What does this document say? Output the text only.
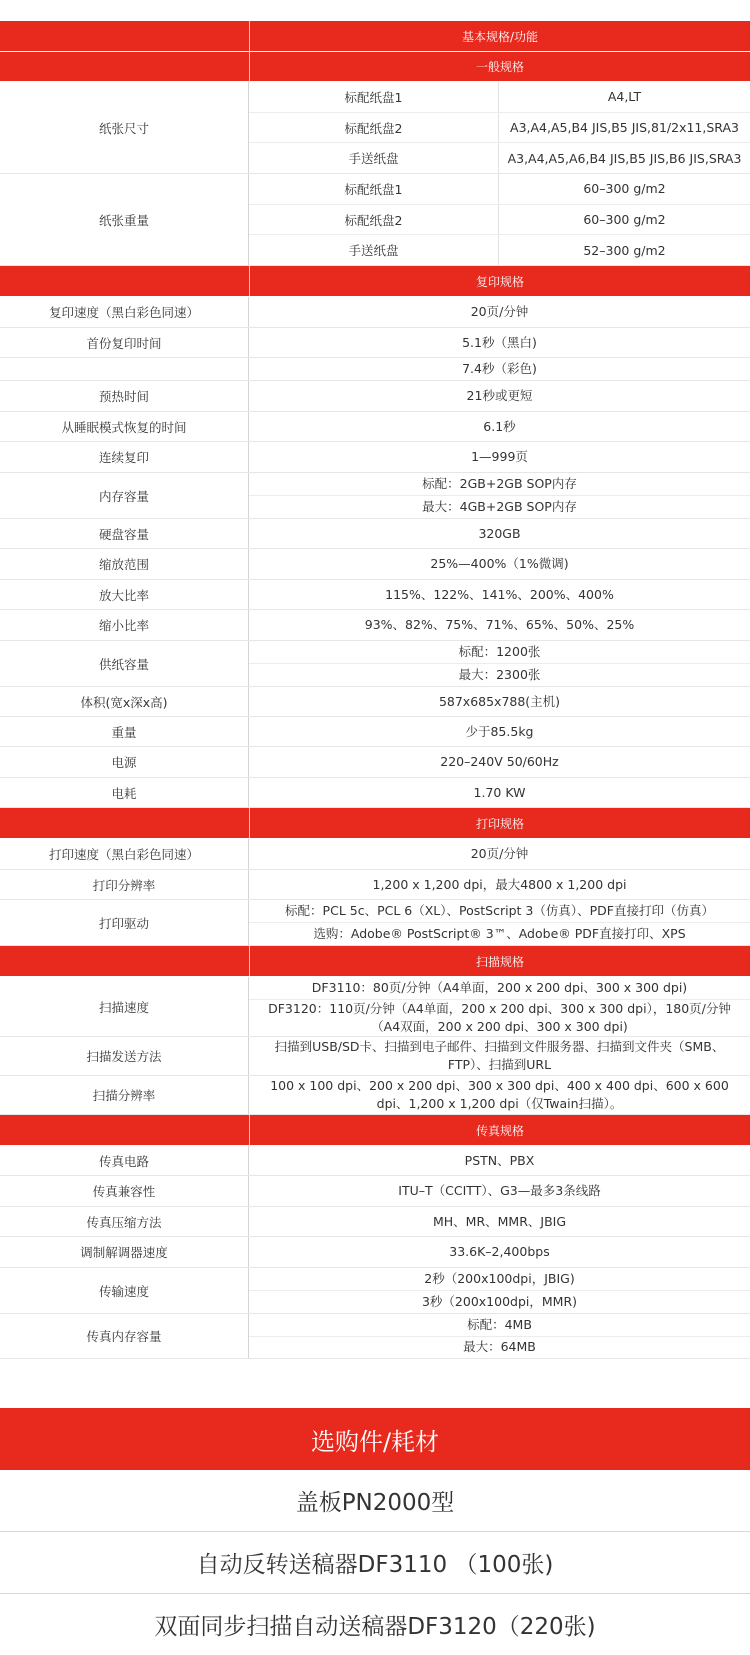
基本规格/功能
一般规格
纸张尺寸
标配纸盘1	A4,LT
标配纸盘2	A3,A4,A5,B4 JIS,B5 JIS,81/2x11,SRA3
手送纸盘	A3,A4,A5,A6,B4 JIS,B5 JIS,B6 JIS,SRA3
纸张重量
标配纸盘1	60–300 g/m2
标配纸盘2	60–300 g/m2
手送纸盘	52–300 g/m2
复印规格
复印速度（黑白彩色同速）	20页/分钟
首份复印时间	5.1秒（黑白)
7.4秒（彩色)
预热时间	21秒或更短
从睡眠模式恢复的时间	6.1秒
连续复印	1—999页
内存容量
标配：2GB+2GB SOP内存
最大：4GB+2GB SOP内存
硬盘容量	320GB
缩放范围	25%—400%（1%微调)
放大比率	115%、122%、141%、200%、400%
缩小比率	93%、82%、75%、71%、65%、50%、25%
供纸容量
标配：1200张
最大：2300张
体积(宽x深x高)	587x685x788(主机)
重量	少于85.5kg
电源	220–240V 50/60Hz
电耗	1.70 KW
打印规格
打印速度（黑白彩色同速）	20页/分钟
打印分辨率	1,200 x 1,200 dpi，最大4800 x 1,200 dpi
打印驱动
标配：PCL 5c、PCL 6（XL）、PostScript 3（仿真）、PDF直接打印（仿真）
选购：Adobe® PostScript® 3™、Adobe® PDF直接打印、XPS
扫描规格
扫描速度
DF3110：80页/分钟（A4单面，200 x 200 dpi、300 x 300 dpi)
DF3120：110页/分钟（A4单面，200 x 200 dpi、300 x 300 dpi），180页/分钟（A4双面，200 x 200 dpi、300 x 300 dpi)
扫描发送方法
扫描到USB/SD卡、扫描到电子邮件、扫描到文件服务器、扫描到文件夹（SMB、FTP）、扫描到URL
扫描分辨率
100 x 100 dpi、200 x 200 dpi、300 x 300 dpi、400 x 400 dpi、600 x 600 dpi、1,200 x 1,200 dpi（仅Twain扫描）。
传真规格
传真电路	PSTN、PBX
传真兼容性	ITU–T（CCITT）、G3—最多3条线路
传真压缩方法	MH、MR、MMR、JBIG
调制解调器速度	33.6K–2,400bps
传输速度
2秒（200x100dpi，JBIG)
3秒（200x100dpi，MMR)
传真内存容量
标配：4MB
最大：64MB
选购件/耗材
盖板PN2000型
自动反转送稿器DF3110 （100张)
双面同步扫描自动送稿器DF3120（220张)
